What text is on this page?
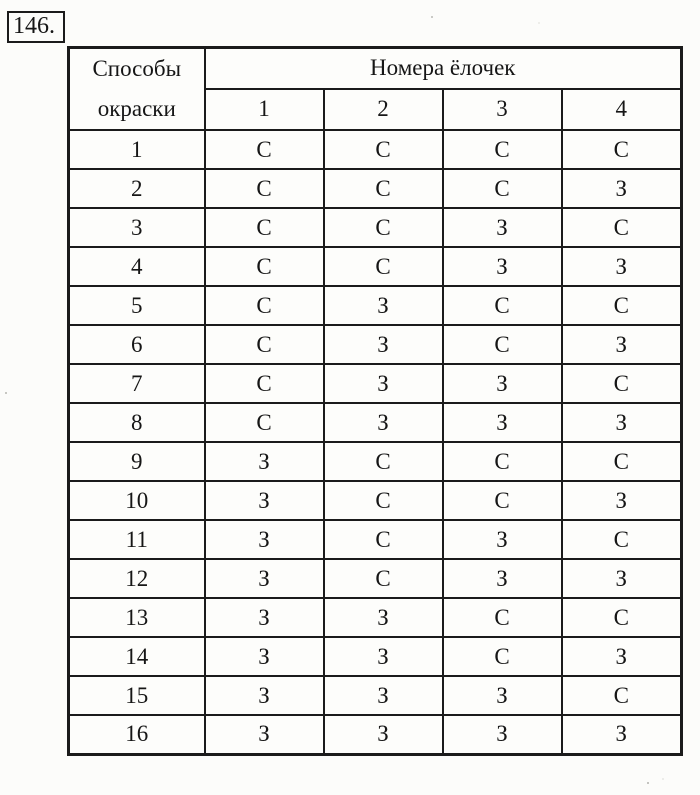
146.
Способы
окраски	Номера ёлочек			
	1	2	3	4
1	С	С	С	С
2	С	С	С	З
3	С	С	З	С
4	С	С	З	З
5	С	З	С	С
6	С	З	С	З
7	С	З	З	С
8	С	З	З	З
9	З	С	С	С
10	З	С	С	З
11	З	С	З	С
12	З	С	З	З
13	З	З	С	С
14	З	З	С	З
15	З	З	З	С
16	З	З	З	З
